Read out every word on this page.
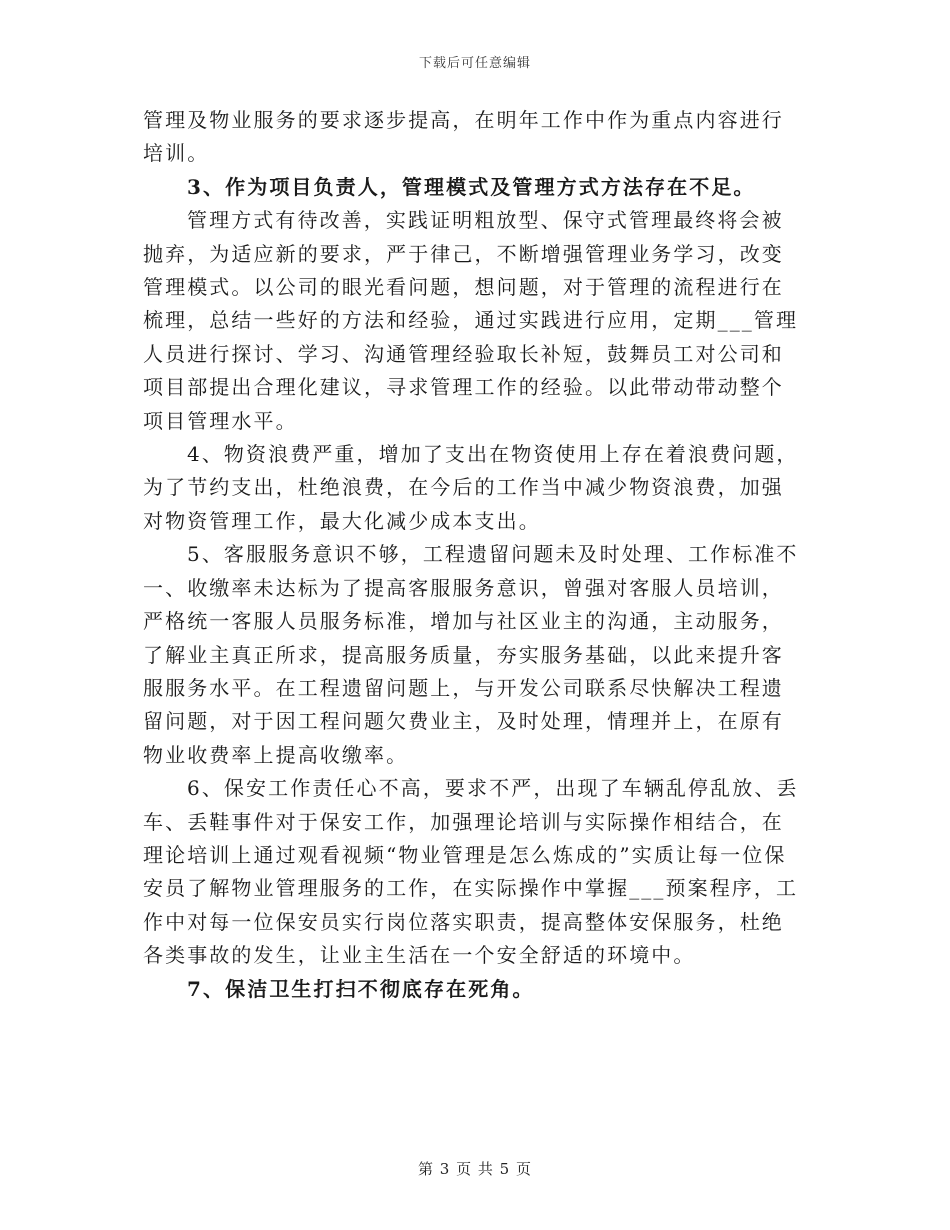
下载后可任意编辑

管理及物业服务的要求逐步提高，在明年工作中作为重点内容进行培训。

3、作为项目负责人，管理模式及管理方式方法存在不足。

管理方式有待改善，实践证明粗放型、保守式管理最终将会被抛弃，为适应新的要求，严于律己，不断增强管理业务学习，改变管理模式。以公司的眼光看问题，想问题，对于管理的流程进行在梳理，总结一些好的方法和经验，通过实践进行应用，定期___管理人员进行探讨、学习、沟通管理经验取长补短，鼓舞员工对公司和项目部提出合理化建议，寻求管理工作的经验。以此带动带动整个项目管理水平。

4、物资浪费严重，增加了支出在物资使用上存在着浪费问题，为了节约支出，杜绝浪费，在今后的工作当中减少物资浪费，加强对物资管理工作，最大化减少成本支出。

5、客服服务意识不够，工程遗留问题未及时处理、工作标准不一、收缴率未达标为了提高客服服务意识，曾强对客服人员培训，严格统一客服人员服务标准，增加与社区业主的沟通，主动服务，了解业主真正所求，提高服务质量，夯实服务基础，以此来提升客服服务水平。在工程遗留问题上，与开发公司联系尽快解决工程遗留问题，对于因工程问题欠费业主，及时处理，情理并上，在原有物业收费率上提高收缴率。

6、保安工作责任心不高，要求不严，出现了车辆乱停乱放、丢车、丢鞋事件对于保安工作，加强理论培训与实际操作相结合，在理论培训上通过观看视频“物业管理是怎么炼成的”实质让每一位保安员了解物业管理服务的工作，在实际操作中掌握___预案程序，工作中对每一位保安员实行岗位落实职责，提高整体安保服务，杜绝各类事故的发生，让业主生活在一个安全舒适的环境中。

7、保洁卫生打扫不彻底存在死角。

第 3 页 共 5 页
